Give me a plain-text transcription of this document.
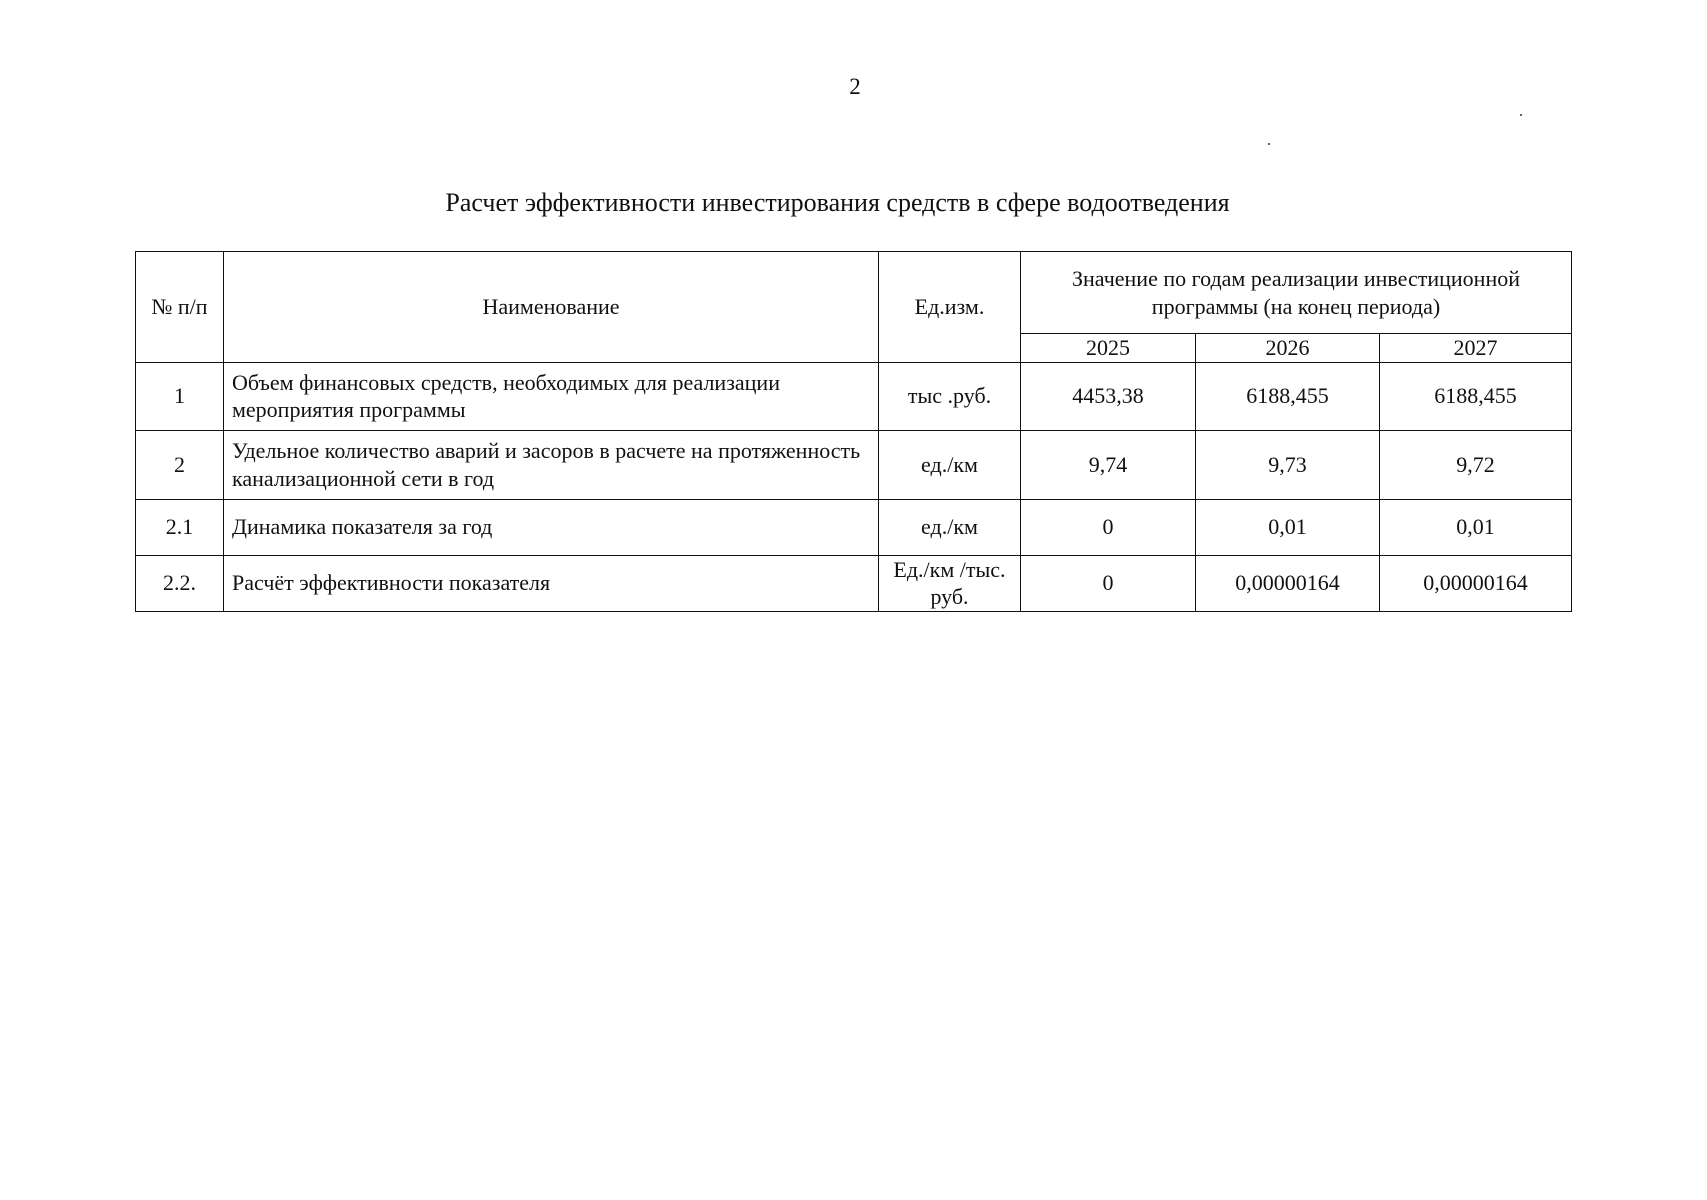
2
Расчет эффективности инвестирования средств в сфере водоотведения
№ п/п	Наименование	Ед.изм.	Значение по годам реализации инвестиционной программы (на конец периода)		
			2025	2026	2027
1	Объем финансовых средств, необходимых для реализации мероприятия программы	тыс .руб.	4453,38	6188,455	6188,455
2	Удельное количество аварий и засоров в расчете на протяженность канализационной сети в год	ед./км	9,74	9,73	9,72
2.1	Динамика показателя за год	ед./км	0	0,01	0,01
2.2.	Расчёт эффективности показателя	Ед./км /тыс. руб.	0	0,00000164	0,00000164
